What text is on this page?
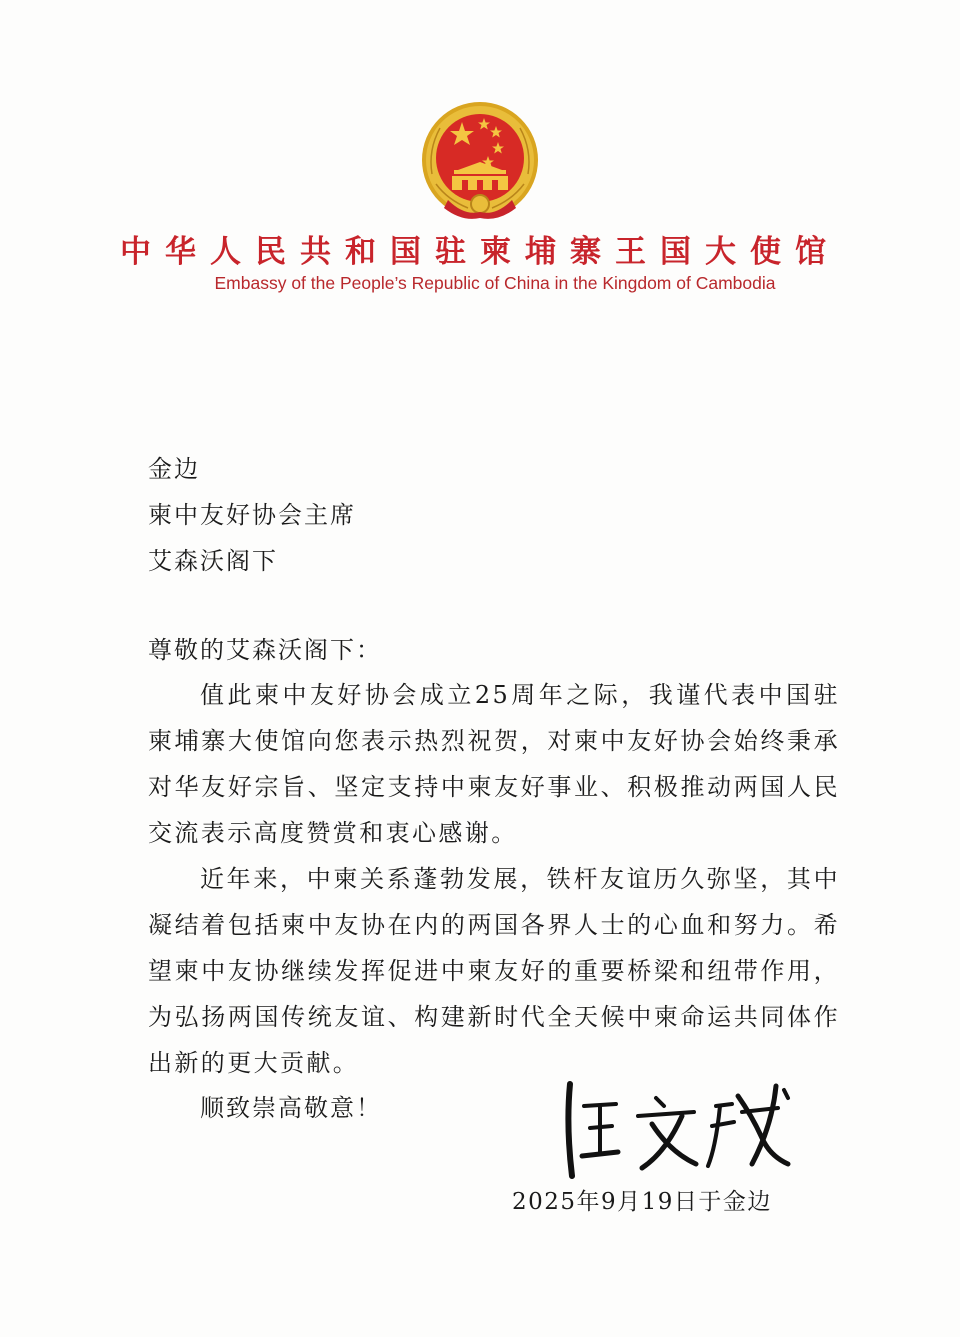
中华人民共和国驻柬埔寨王国大使馆
Embassy of the People’s Republic of China in the Kingdom of Cambodia
金边
柬中友好协会主席
艾森沃阁下
尊敬的艾森沃阁下：

值此柬中友好协会成立25周年之际，我谨代表中国驻柬埔寨大使馆向您表示热烈祝贺，对柬中友好协会始终秉承对华友好宗旨、坚定支持中柬友好事业、积极推动两国人民交流表示高度赞赏和衷心感谢。

近年来，中柬关系蓬勃发展，铁杆友谊历久弥坚，其中凝结着包括柬中友协在内的两国各界人士的心血和努力。希望柬中友协继续发挥促进中柬友好的重要桥梁和纽带作用，为弘扬两国传统友谊、构建新时代全天候中柬命运共同体作出新的更大贡献。

顺致崇高敬意！
2025年9月19日于金边
